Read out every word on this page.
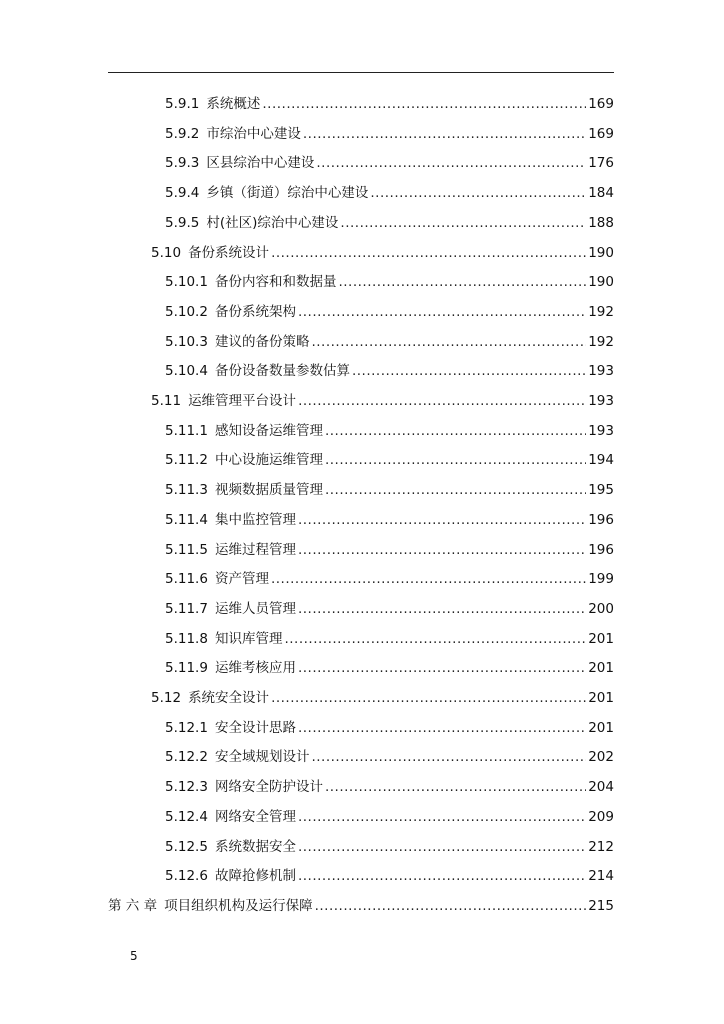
5.9.1 系统概述 .....	169
5.9.2 市综治中心建设 .....	169
5.9.3 区县综治中心建设 .....	176
5.9.4 乡镇（街道）综治中心建设 .....	184
5.9.5 村(社区)综治中心建设 .....	188
5.10 备份系统设计 .....	190
5.10.1 备份内容和和数据量 .....	190
5.10.2 备份系统架构 .....	192
5.10.3 建议的备份策略 .....	192
5.10.4 备份设备数量参数估算 .....	193
5.11 运维管理平台设计 .....	193
5.11.1 感知设备运维管理 .....	193
5.11.2 中心设施运维管理 .....	194
5.11.3 视频数据质量管理 .....	195
5.11.4 集中监控管理 .....	196
5.11.5 运维过程管理 .....	196
5.11.6 资产管理 .....	199
5.11.7 运维人员管理 .....	200
5.11.8 知识库管理 .....	201
5.11.9 运维考核应用 .....	201
5.12 系统安全设计 .....	201
5.12.1 安全设计思路 .....	201
5.12.2 安全域规划设计 .....	202
5.12.3 网络安全防护设计 .....	204
5.12.4 网络安全管理 .....	209
5.12.5 系统数据安全 .....	212
5.12.6 故障抢修机制 .....	214
第 六 章 项目组织机构及运行保障 .....	215
5
